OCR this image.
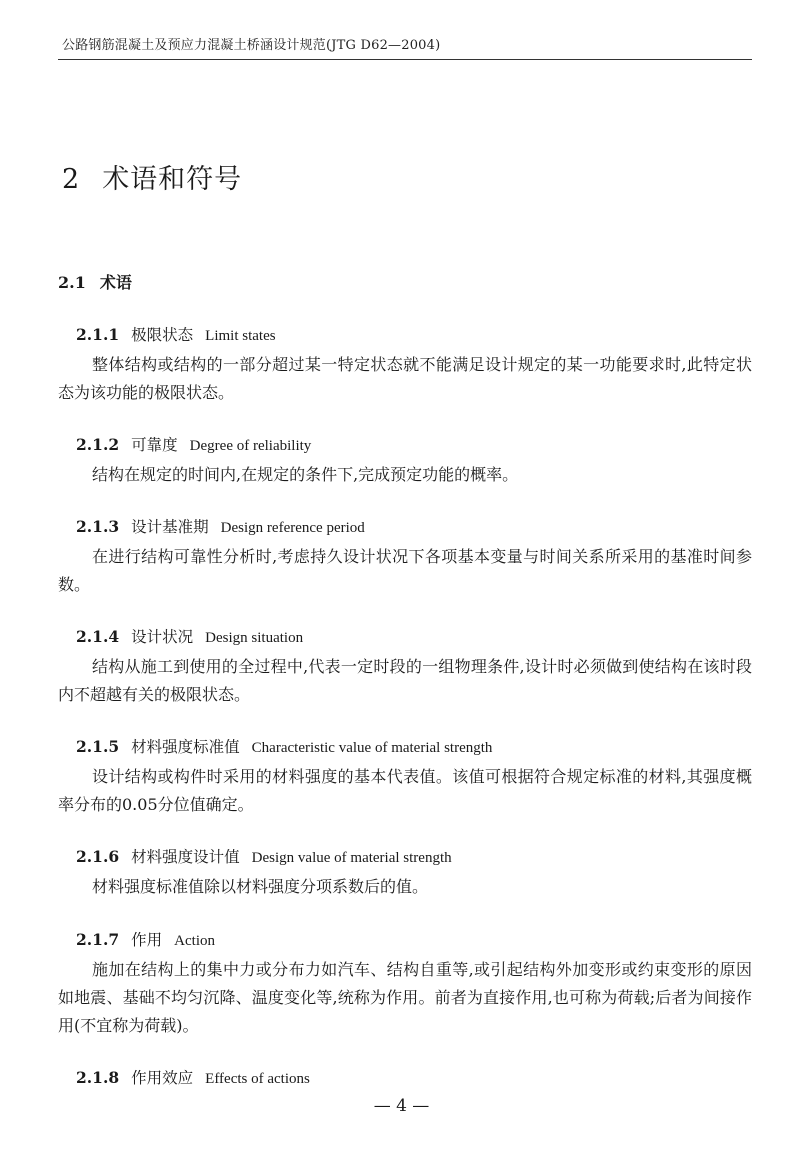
公路钢筋混凝土及预应力混凝土桥涵设计规范(JTG D62—2004)
2 术语和符号
2.1 术语
2.1.1 极限状态 Limit states

整体结构或结构的一部分超过某一特定状态就不能满足设计规定的某一功能要求时,此特定状态为该功能的极限状态。

2.1.2 可靠度 Degree of reliability

结构在规定的时间内,在规定的条件下,完成预定功能的概率。

2.1.3 设计基准期 Design reference period

在进行结构可靠性分析时,考虑持久设计状况下各项基本变量与时间关系所采用的基准时间参数。

2.1.4 设计状况 Design situation

结构从施工到使用的全过程中,代表一定时段的一组物理条件,设计时必须做到使结构在该时段内不超越有关的极限状态。

2.1.5 材料强度标准值 Characteristic value of material strength

设计结构或构件时采用的材料强度的基本代表值。该值可根据符合规定标准的材料,其强度概率分布的0.05分位值确定。

2.1.6 材料强度设计值 Design value of material strength

材料强度标准值除以材料强度分项系数后的值。

2.1.7 作用 Action

施加在结构上的集中力或分布力如汽车、结构自重等,或引起结构外加变形或约束变形的原因如地震、基础不均匀沉降、温度变化等,统称为作用。前者为直接作用,也可称为荷载;后者为间接作用(不宜称为荷载)。

2.1.8 作用效应 Effects of actions
— 4 —
